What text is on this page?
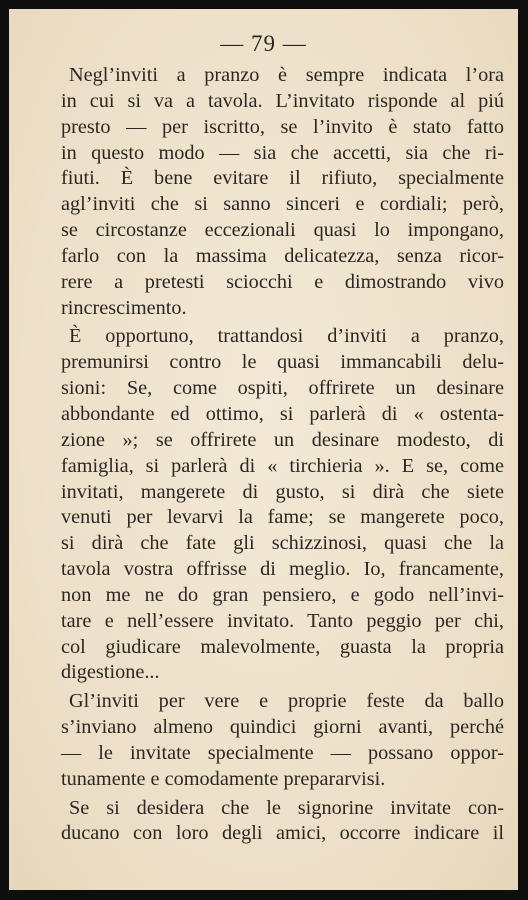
— 79 —
Negl’inviti a pranzo è sempre indicata l’ora
in cui si va a tavola. L’invitato risponde al piú
presto — per iscritto, se l’invito è stato fatto
in questo modo — sia che accetti, sia che ri-
fiuti. È bene evitare il rifiuto, specialmente
agl’inviti che si sanno sinceri e cordiali; però,
se circostanze eccezionali quasi lo impongano,
farlo con la massima delicatezza, senza ricor-
rere a pretesti sciocchi e dimostrando vivo
rincrescimento.
È opportuno, trattandosi d’inviti a pranzo,
premunirsi contro le quasi immancabili delu-
sioni: Se, come ospiti, offrirete un desinare
abbondante ed ottimo, si parlerà di « ostenta-
zione »; se offrirete un desinare modesto, di
famiglia, si parlerà di « tirchieria ». E se, come
invitati, mangerete di gusto, si dirà che siete
venuti per levarvi la fame; se mangerete poco,
si dirà che fate gli schizzinosi, quasi che la
tavola vostra offrisse di meglio. Io, francamente,
non me ne do gran pensiero, e godo nell’invi-
tare e nell’essere invitato. Tanto peggio per chi,
col giudicare malevolmente, guasta la propria
digestione...
Gl’inviti per vere e proprie feste da ballo
s’inviano almeno quindici giorni avanti, perché
— le invitate specialmente — possano oppor-
tunamente e comodamente prepararvisi.
Se si desidera che le signorine invitate con-
ducano con loro degli amici, occorre indicare il
